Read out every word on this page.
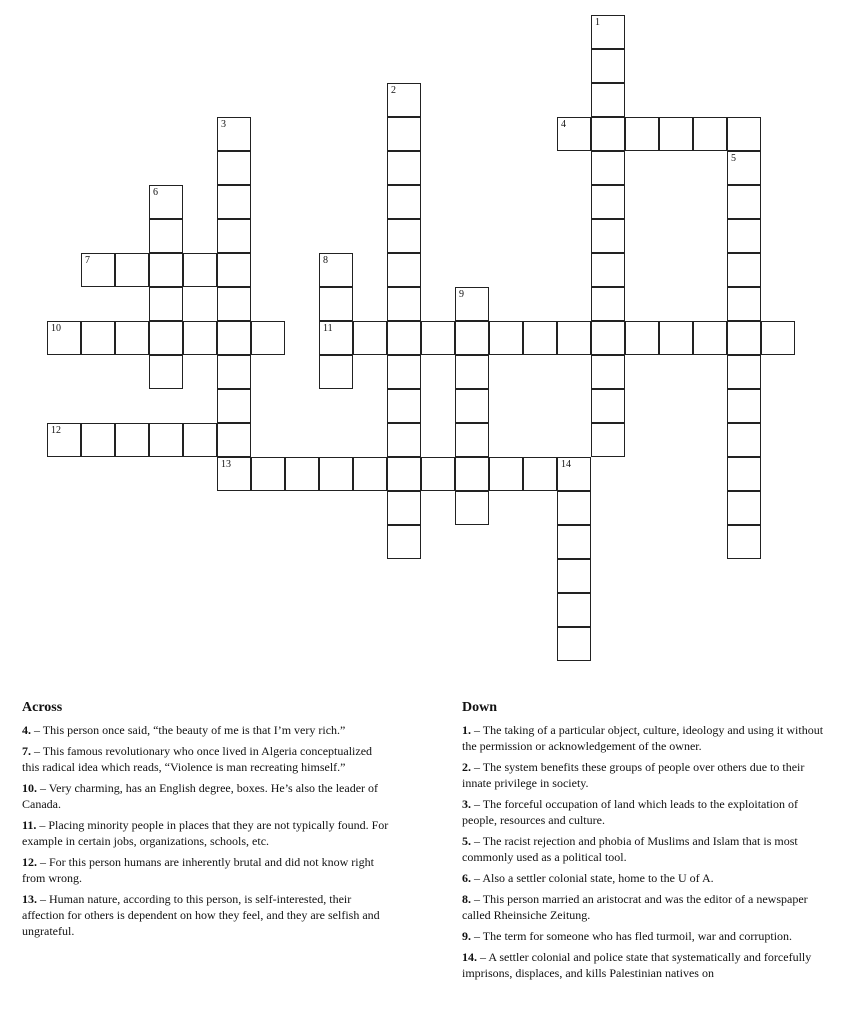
1
2
3
13
4
5
6
7	8
11
9
10
12
14
Across
4. – This person once said, “the beauty of me is that I’m very rich.”
7. – This famous revolutionary who once lived in Algeria conceptualized this radical idea which reads, “Violence is man recreating himself.”
10. – Very charming, has an English degree, boxes. He’s also the leader of Canada.
11. – Placing minority people in places that they are not typically found. For example in certain jobs, organizations, schools, etc.
12. – For this person humans are inherently brutal and did not know right from wrong.
13. – Human nature, according to this person, is self-interested, their affection for others is dependent on how they feel, and they are selfish and ungrateful.
Down
1. – The taking of a particular object, culture, ideology and using it without the permission or acknowledgement of the owner.
2. – The system benefits these groups of people over others due to their innate privilege in society.
3. – The forceful occupation of land which leads to the exploitation of people, resources and culture.
5. – The racist rejection and phobia of Muslims and Islam that is most commonly used as a political tool.
6. – Also a settler colonial state, home to the U of A.
8. – This person married an aristocrat and was the editor of a newspaper called Rheinsiche Zeitung.
9. – The term for someone who has fled turmoil, war and corruption.
14. – A settler colonial and police state that systematically and forcefully imprisons, displaces, and kills Palestinian natives on
